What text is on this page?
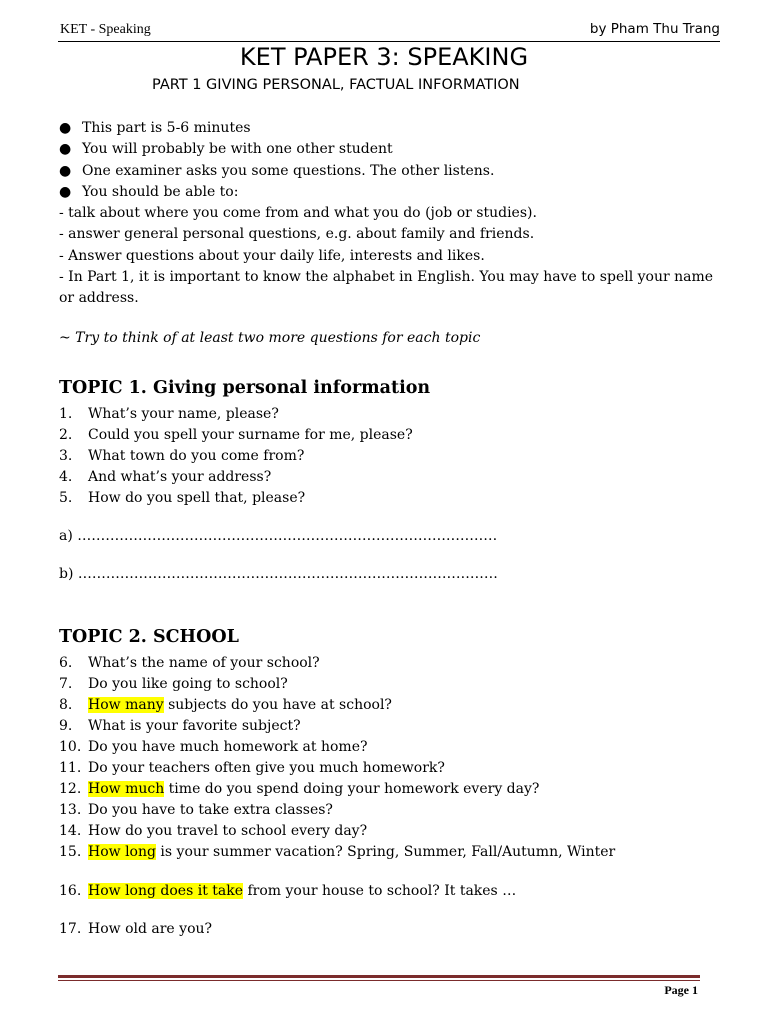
KET - Speaking	by Pham Thu Trang
KET PAPER 3: SPEAKING
PART 1 GIVING PERSONAL, FACTUAL INFORMATION
● This part is 5-6 minutes
● You will probably be with one other student
● One examiner asks you some questions. The other listens.
● You should be able to:
- talk about where you come from and what you do (job or studies).
- answer general personal questions, e.g. about family and friends.
- Answer questions about your daily life, interests and likes.
- In Part 1, it is important to know the alphabet in English. You may have to spell your name or address.
~ Try to think of at least two more questions for each topic
TOPIC 1. Giving personal information
1. What’s your name, please?
2. Could you spell your surname for me, please?
3. What town do you come from?
4. And what’s your address?
5. How do you spell that, please?
a) ………………………………………………………………………………
b) ………………………………………………………………………………
TOPIC 2. SCHOOL
6. What’s the name of your school?
7. Do you like going to school?
8. How many subjects do you have at school?
9. What is your favorite subject?
10. Do you have much homework at home?
11. Do your teachers often give you much homework?
12. How much time do you spend doing your homework every day?
13. Do you have to take extra classes?
14. How do you travel to school every day?
15. How long is your summer vacation? Spring, Summer, Fall/Autumn, Winter
16. How long does it take from your house to school? It takes …
17. How old are you?
Page 1
